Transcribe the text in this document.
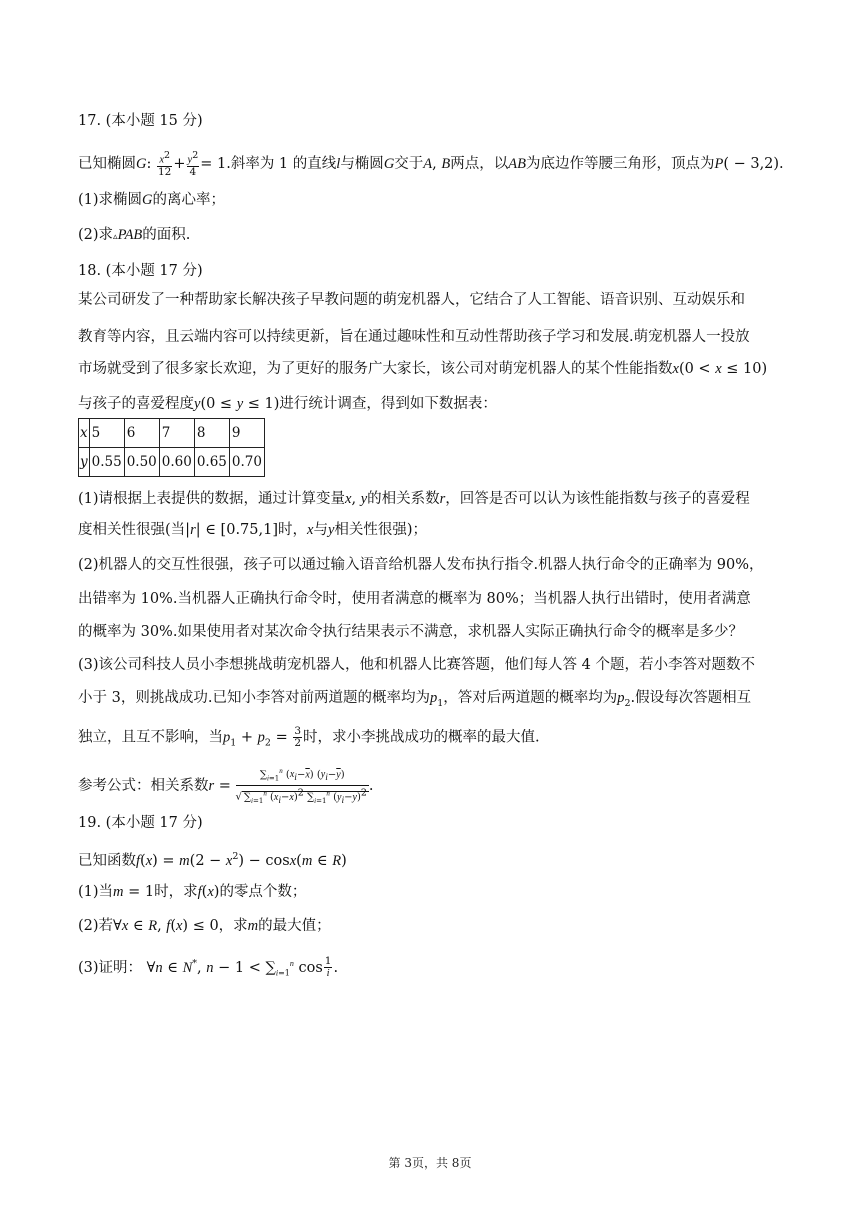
17. (本小题 15 分)
已知椭圆G: $\frac{x^2}{12} + \frac{y^2}{4} = 1$.斜率为 1 的直线l与椭圆G交于A, B两点，以AB为底边作等腰三角形，顶点为P( − 3,2).
(1)求椭圆G的离心率；
(2)求▵PAB的面积.
18. (本小题 17 分)
某公司研发了一种帮助家长解决孩子早教问题的萌宠机器人，它结合了人工智能、语音识别、互动娱乐和
教育等内容，且云端内容可以持续更新，旨在通过趣味性和互动性帮助孩子学习和发展.萌宠机器人一投放
市场就受到了很多家长欢迎，为了更好的服务广大家长，该公司对萌宠机器人的某个性能指数x(0 < x ≤ 10)
与孩子的喜爱程度y(0 ≤ y ≤ 1)进行统计调查，得到如下数据表：
x	5	6	7	8	9
y	0.55	0.50	0.60	0.65	0.70
(1)请根据上表提供的数据，通过计算变量x, y的相关系数r，回答是否可以认为该性能指数与孩子的喜爱程
度相关性很强(当|r| ∈ [0.75,1]时，x与y相关性很强)；
(2)机器人的交互性很强，孩子可以通过输入语音给机器人发布执行指令.机器人执行命令的正确率为 90%，
出错率为 10%.当机器人正确执行命令时，使用者满意的概率为 80%；当机器人执行出错时，使用者满意
的概率为 30%.如果使用者对某次命令执行结果表示不满意，求机器人实际正确执行命令的概率是多少？
(3)该公司科技人员小李想挑战萌宠机器人，他和机器人比赛答题，他们每人答 4 个题，若小李答对题数不
小于 3，则挑战成功.已知小李答对前两道题的概率均为$p_1$，答对后两道题的概率均为$p_2$.假设每次答题相互
独立，且互不影响，当$p_1 + p_2 = \frac{3}{2}$ 时，求小李挑战成功的概率的最大值.
参考公式：相关系数$r = \frac{\sum_{i=1}^n (x_i-\overline{x}) (y_i-\overline{y})}{√ \sum_{i=1}^n (x_i-\overline{x})^2 \sum_{i=1}^n (y_i-\overline{y})^2}$ .
19. (本小题 17 分)
已知函数$f(x) = m(2 - x^2) - \cos x(m$ ∈ R)
(1)当m = 1时，求f(x)的零点个数；
(2)若∀x ∈ R, f(x) ≤ 0，求m的最大值；
(3)证明： ∀n ∈ N*, $n - 1 < \sum_{i=1}^n$ $\cos \frac{1}{i}$ .
第 3页，共 8页
